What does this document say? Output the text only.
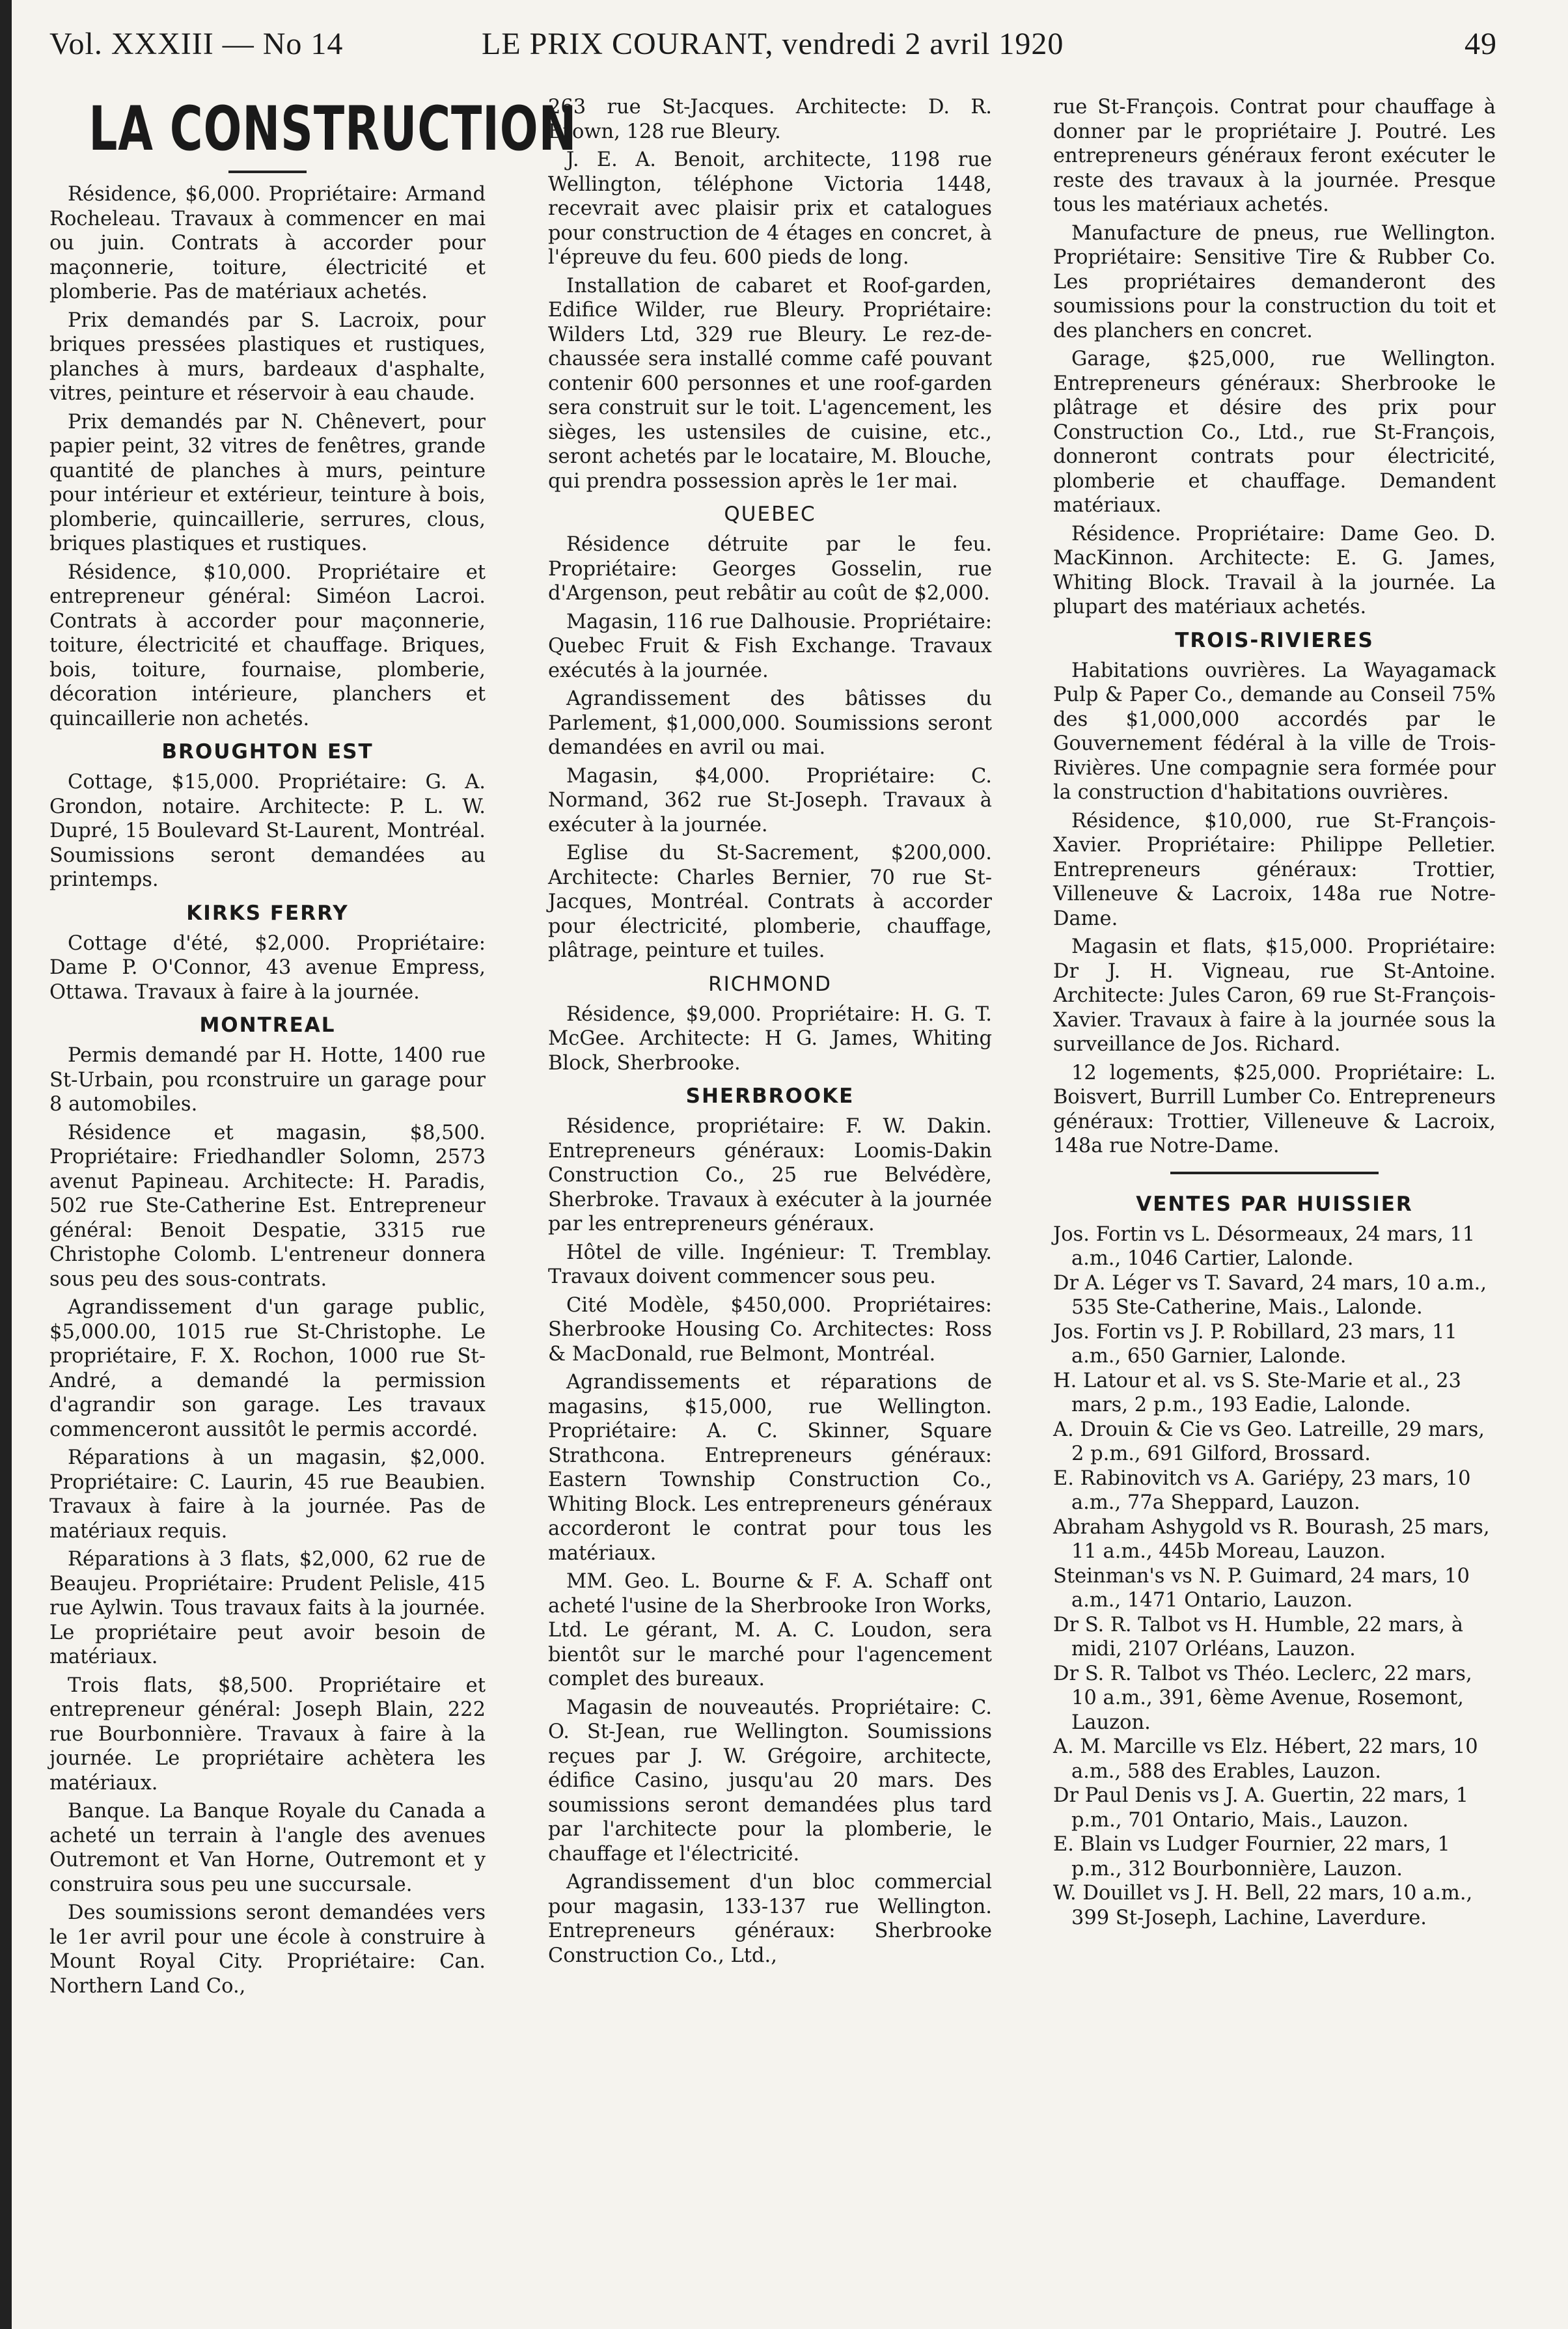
Vol. XXXIII — No 14	LE PRIX COURANT, vendredi 2 avril 1920	49
LA CONSTRUCTION

Résidence, $6,000. Propriétaire: Armand Rocheleau. Travaux à commencer en mai ou juin. Contrats à accorder pour maçonnerie, toiture, électricité et plomberie. Pas de matériaux achetés.

Prix demandés par S. Lacroix, pour briques pressées plastiques et rustiques, planches à murs, bardeaux d'asphalte, vitres, peinture et réservoir à eau chaude.

Prix demandés par N. Chênevert, pour papier peint, 32 vitres de fenêtres, grande quantité de planches à murs, peinture pour intérieur et extérieur, teinture à bois, plomberie, quincaillerie, serrures, clous, briques plastiques et rustiques.

Résidence, $10,000. Propriétaire et entrepreneur général: Siméon Lacroi. Contrats à accorder pour maçonnerie, toiture, électricité et chauffage. Briques, bois, toiture, fournaise, plomberie, décoration intérieure, planchers et quincaillerie non achetés.

BROUGHTON EST

Cottage, $15,000. Propriétaire: G. A. Grondon, notaire. Architecte: P. L. W. Dupré, 15 Boulevard St-Laurent, Montréal. Soumissions seront demandées au printemps.

KIRKS FERRY

Cottage d'été, $2,000. Propriétaire: Dame P. O'Connor, 43 avenue Empress, Ottawa. Travaux à faire à la journée.

MONTREAL

Permis demandé par H. Hotte, 1400 rue St-Urbain, pou rconstruire un garage pour 8 automobiles.

Résidence et magasin, $8,500. Propriétaire: Friedhandler Solomn, 2573 avenut Papineau. Architecte: H. Paradis, 502 rue Ste-Catherine Est. Entrepreneur général: Benoit Despatie, 3315 rue Christophe Colomb. L'entreneur donnera sous peu des sous-contrats.

Agrandissement d'un garage public, $5,000.00, 1015 rue St-Christophe. Le propriétaire, F. X. Rochon, 1000 rue St-André, a demandé la permission d'agrandir son garage. Les travaux commenceront aussitôt le permis accordé.

Réparations à un magasin, $2,000. Propriétaire: C. Laurin, 45 rue Beaubien. Travaux à faire à la journée. Pas de matériaux requis.

Réparations à 3 flats, $2,000, 62 rue de Beaujeu. Propriétaire: Prudent Pelisle, 415 rue Aylwin. Tous travaux faits à la journée. Le propriétaire peut avoir besoin de matériaux.

Trois flats, $8,500. Propriétaire et entrepreneur général: Joseph Blain, 222 rue Bourbonnière. Travaux à faire à la journée. Le propriétaire achètera les matériaux.

Banque. La Banque Royale du Canada a acheté un terrain à l'angle des avenues Outremont et Van Horne, Outremont et y construira sous peu une succursale.

Des soumissions seront demandées vers le 1er avril pour une école à construire à Mount Royal City. Propriétaire: Can. Northern Land Co.,

263 rue St-Jacques. Architecte: D. R. Brown, 128 rue Bleury.

J. E. A. Benoit, architecte, 1198 rue Wellington, téléphone Victoria 1448, recevrait avec plaisir prix et catalogues pour construction de 4 étages en concret, à l'épreuve du feu. 600 pieds de long.

Installation de cabaret et Roof-garden, Edifice Wilder, rue Bleury. Propriétaire: Wilders Ltd, 329 rue Bleury. Le rez-de-chaussée sera installé comme café pouvant contenir 600 personnes et une roof-garden sera construit sur le toit. L'agencement, les sièges, les ustensiles de cuisine, etc., seront achetés par le locataire, M. Blouche, qui prendra possession après le 1er mai.

QUEBEC

Résidence détruite par le feu. Propriétaire: Georges Gosselin, rue d'Argenson, peut rebâtir au coût de $2,000.

Magasin, 116 rue Dalhousie. Propriétaire: Quebec Fruit & Fish Exchange. Travaux exécutés à la journée.

Agrandissement des bâtisses du Parlement, $1,000,000. Soumissions seront demandées en avril ou mai.

Magasin, $4,000. Propriétaire: C. Normand, 362 rue St-Joseph. Travaux à exécuter à la journée.

Eglise du St-Sacrement, $200,000. Architecte: Charles Bernier, 70 rue St-Jacques, Montréal. Contrats à accorder pour électricité, plomberie, chauffage, plâtrage, peinture et tuiles.

RICHMOND

Résidence, $9,000. Propriétaire: H. G. T. McGee. Architecte: H G. James, Whiting Block, Sherbrooke.

SHERBROOKE

Résidence, propriétaire: F. W. Dakin. Entrepreneurs généraux: Loomis-Dakin Construction Co., 25 rue Belvédère, Sherbroke. Travaux à exécuter à la journée par les entrepreneurs généraux.

Hôtel de ville. Ingénieur: T. Tremblay. Travaux doivent commencer sous peu.

Cité Modèle, $450,000. Propriétaires: Sherbrooke Housing Co. Architectes: Ross & MacDonald, rue Belmont, Montréal.

Agrandissements et réparations de magasins, $15,000, rue Wellington. Propriétaire: A. C. Skinner, Square Strathcona. Entrepreneurs généraux: Eastern Township Construction Co., Whiting Block. Les entrepreneurs généraux accorderont le contrat pour tous les matériaux.

MM. Geo. L. Bourne & F. A. Schaff ont acheté l'usine de la Sherbrooke Iron Works, Ltd. Le gérant, M. A. C. Loudon, sera bientôt sur le marché pour l'agencement complet des bureaux.

Magasin de nouveautés. Propriétaire: C. O. St-Jean, rue Wellington. Soumissions reçues par J. W. Grégoire, architecte, édifice Casino, jusqu'au 20 mars. Des soumissions seront demandées plus tard par l'architecte pour la plomberie, le chauffage et l'électricité.

Agrandissement d'un bloc commercial pour magasin, 133-137 rue Wellington. Entrepreneurs généraux: Sherbrooke Construction Co., Ltd.,

rue St-François. Contrat pour chauffage à donner par le propriétaire J. Poutré. Les entrepreneurs généraux feront exécuter le reste des travaux à la journée. Presque tous les matériaux achetés.

Manufacture de pneus, rue Wellington. Propriétaire: Sensitive Tire & Rubber Co. Les propriétaires demanderont des soumissions pour la construction du toit et des planchers en concret.

Garage, $25,000, rue Wellington. Entrepreneurs généraux: Sherbrooke le plâtrage et désire des prix pour Construction Co., Ltd., rue St-François, donneront contrats pour électricité, plomberie et chauffage. Demandent matériaux.

Résidence. Propriétaire: Dame Geo. D. MacKinnon. Architecte: E. G. James, Whiting Block. Travail à la journée. La plupart des matériaux achetés.

TROIS-RIVIERES

Habitations ouvrières. La Wayagamack Pulp & Paper Co., demande au Conseil 75% des $1,000,000 accordés par le Gouvernement fédéral à la ville de Trois-Rivières. Une compagnie sera formée pour la construction d'habitations ouvrières.

Résidence, $10,000, rue St-François-Xavier. Propriétaire: Philippe Pelletier. Entrepreneurs généraux: Trottier, Villeneuve & Lacroix, 148a rue Notre-Dame.

Magasin et flats, $15,000. Propriétaire: Dr J. H. Vigneau, rue St-Antoine. Architecte: Jules Caron, 69 rue St-François-Xavier. Travaux à faire à la journée sous la surveillance de Jos. Richard.

12 logements, $25,000. Propriétaire: L. Boisvert, Burrill Lumber Co. Entrepreneurs généraux: Trottier, Villeneuve & Lacroix, 148a rue Notre-Dame.

VENTES PAR HUISSIER

Jos. Fortin vs L. Désormeaux, 24 mars, 11 a.m., 1046 Cartier, Lalonde.

Dr A. Léger vs T. Savard, 24 mars, 10 a.m., 535 Ste-Catherine, Mais., Lalonde.

Jos. Fortin vs J. P. Robillard, 23 mars, 11 a.m., 650 Garnier, Lalonde.

H. Latour et al. vs S. Ste-Marie et al., 23 mars, 2 p.m., 193 Eadie, Lalonde.

A. Drouin & Cie vs Geo. Latreille, 29 mars, 2 p.m., 691 Gilford, Brossard.

E. Rabinovitch vs A. Gariépy, 23 mars, 10 a.m., 77a Sheppard, Lauzon.

Abraham Ashygold vs R. Bourash, 25 mars, 11 a.m., 445b Moreau, Lauzon.

Steinman's vs N. P. Guimard, 24 mars, 10 a.m., 1471 Ontario, Lauzon.

Dr S. R. Talbot vs H. Humble, 22 mars, à midi, 2107 Orléans, Lauzon.

Dr S. R. Talbot vs Théo. Leclerc, 22 mars, 10 a.m., 391, 6ème Avenue, Rosemont, Lauzon.

A. M. Marcille vs Elz. Hébert, 22 mars, 10 a.m., 588 des Erables, Lauzon.

Dr Paul Denis vs J. A. Guertin, 22 mars, 1 p.m., 701 Ontario, Mais., Lauzon.

E. Blain vs Ludger Fournier, 22 mars, 1 p.m., 312 Bourbonnière, Lauzon.

W. Douillet vs J. H. Bell, 22 mars, 10 a.m., 399 St-Joseph, Lachine, Laverdure.
